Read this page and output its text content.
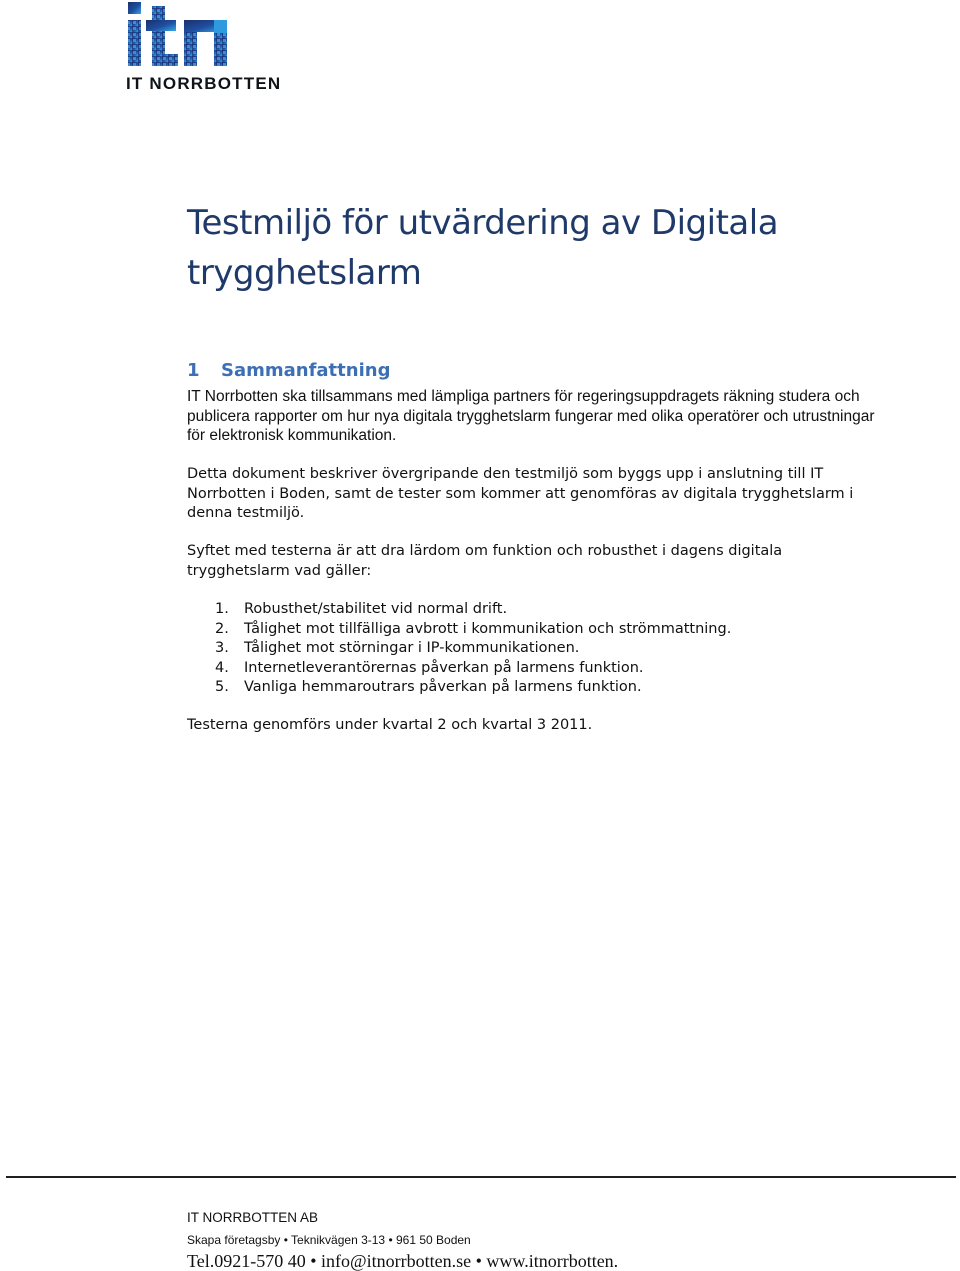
IT NORRBOTTEN
Testmiljö för utvärdering av Digitala trygghetslarm
1 Sammanfattning

IT Norrbotten ska tillsammans med lämpliga partners för regeringsuppdragets räkning studera och publicera rapporter om hur nya digitala trygghetslarm fungerar med olika operatörer och utrustningar för elektronisk kommunikation.

Detta dokument beskriver övergripande den testmiljö som byggs upp i anslutning till IT Norrbotten i Boden, samt de tester som kommer att genomföras av digitala trygghetslarm i denna testmiljö.

Syftet med testerna är att dra lärdom om funktion och robusthet i dagens digitala trygghetslarm vad gäller:

1. Robusthet/stabilitet vid normal drift.
2. Tålighet mot tillfälliga avbrott i kommunikation och strömmattning.
3. Tålighet mot störningar i IP-kommunikationen.
4. Internetleverantörernas påverkan på larmens funktion.
5. Vanliga hemmaroutrars påverkan på larmens funktion.

Testerna genomförs under kvartal 2 och kvartal 3 2011.

IT NORRBOTTEN AB
Skapa företagsby • Teknikvägen 3-13 • 961 50 Boden
Tel.0921-570 40 • info@itnorrbotten.se • www.itnorrbotten.
